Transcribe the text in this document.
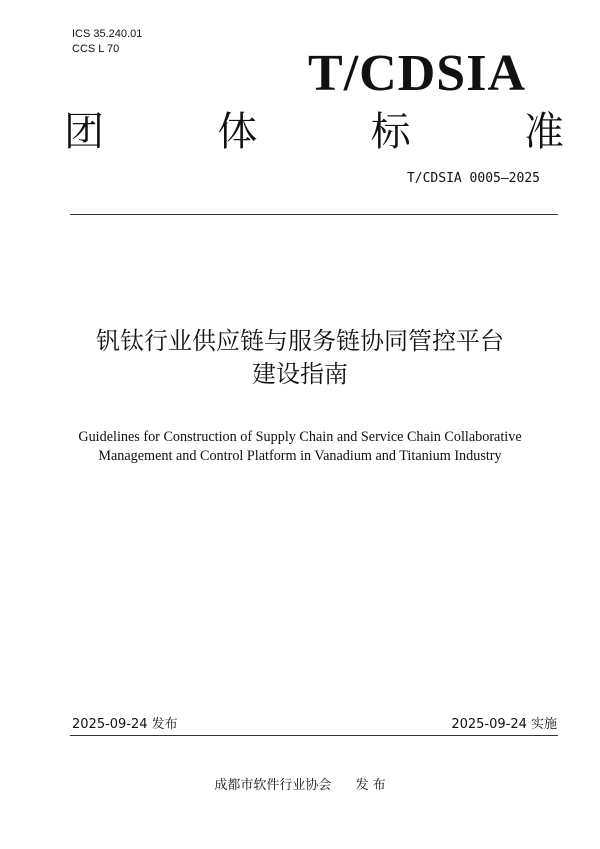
ICS 35.240.01
CCS L 70	T/CDSIA
团	体	标	准
T/CDSIA 0005—2025
钒钛行业供应链与服务链协同管控平台
建设指南
Guidelines for Construction of Supply Chain and Service Chain Collaborative
Management and Control Platform in Vanadium and Titanium Industry
2025-09-24 发布	2025-09-24 实施
成都市软件行业协会 发 布
